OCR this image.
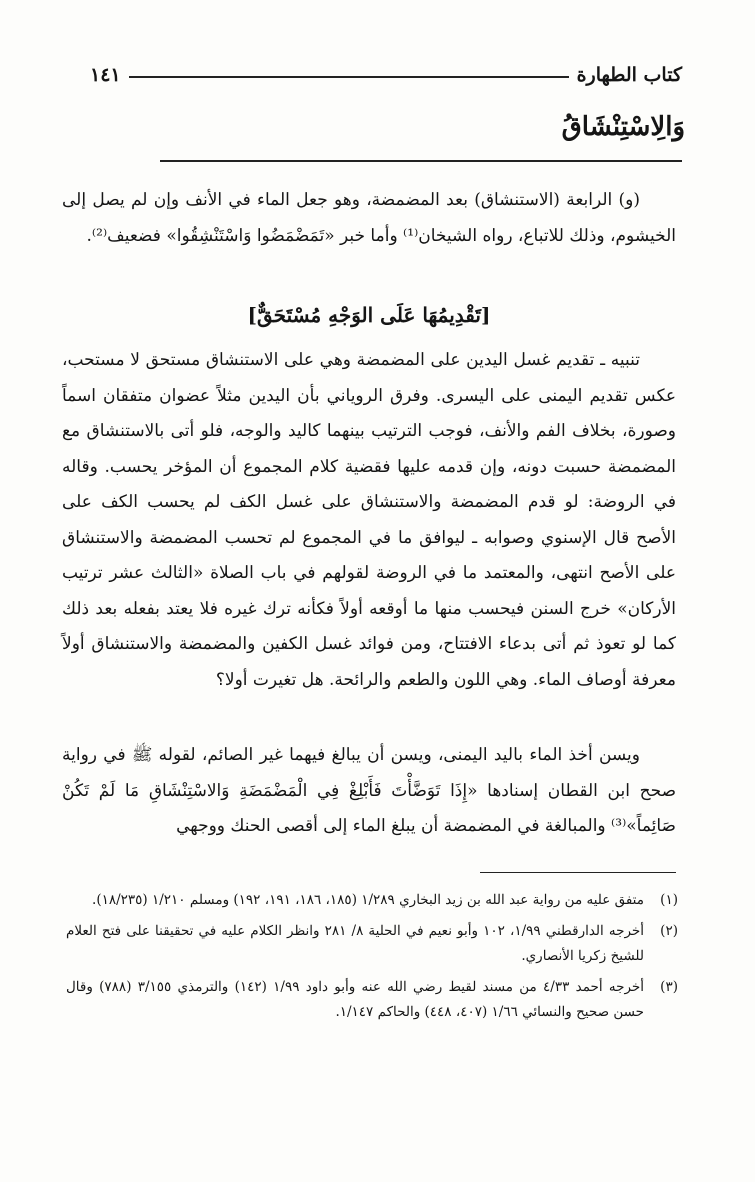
كتاب الطهارة
١٤١
وَالِاسْتِنْشَاقُ

(و) الرابعة (الاستنشاق) بعد المضمضة، وهو جعل الماء في الأنف وإن لم يصل إلى الخيشوم، وذلك للاتباع، رواه الشيخان⁽¹⁾ وأما خبر «تَمَضْمَضُوا وَاسْتَنْشِقُوا» فضعيف⁽²⁾.

[تَقْدِيمُهَا عَلَى الوَجْهِ مُسْتَحَقٌّ]

تنبيه ـ تقديم غسل اليدين على المضمضة وهي على الاستنشاق مستحق لا مستحب، عكس تقديم اليمنى على اليسرى. وفرق الروياني بأن اليدين مثلاً عضوان متفقان اسماً وصورة، بخلاف الفم والأنف، فوجب الترتيب بينهما كاليد والوجه، فلو أتى بالاستنشاق مع المضمضة حسبت دونه، وإن قدمه عليها فقضية كلام المجموع أن المؤخر يحسب. وقاله في الروضة: لو قدم المضمضة والاستنشاق على غسل الكف لم يحسب الكف على الأصح قال الإسنوي وصوابه ـ ليوافق ما في المجموع لم تحسب المضمضة والاستنشاق على الأصح انتهى، والمعتمد ما في الروضة لقولهم في باب الصلاة «الثالث عشر ترتيب الأركان» خرج السنن فيحسب منها ما أوقعه أولاً فكأنه ترك غيره فلا يعتد بفعله بعد ذلك كما لو تعوذ ثم أتى بدعاء الافتتاح، ومن فوائد غسل الكفين والمضمضة والاستنشاق أولاً معرفة أوصاف الماء. وهي اللون والطعم والرائحة. هل تغيرت أولا؟

ويسن أخذ الماء باليد اليمنى، ويسن أن يبالغ فيهما غير الصائم، لقوله ﷺ في رواية صحح ابن القطان إسنادها «إِذَا تَوَضَّأْتَ فَأَبْلِغْ فِي الْمَضْمَضَةِ وَالاسْتِنْشَاقِ مَا لَمْ تَكُنْ صَائِماً»⁽³⁾ والمبالغة في المضمضة أن يبلغ الماء إلى أقصى الحنك ووجهي

(١)
متفق عليه من رواية عبد الله بن زيد البخاري ١/٢٨٩ (١٨٥، ١٨٦، ١٩١، ١٩٢) ومسلم ١/٢١٠ (١٨/٢٣٥).
(٢)
أخرجه الدارقطني ١/٩٩، ١٠٢ وأبو نعيم في الحلية ٨/ ٢٨١ وانظر الكلام عليه في تحقيقنا على فتح العلام للشيخ زكريا الأنصاري.
(٣)
أخرجه أحمد ٤/٣٣ من مسند لقيط رضي الله عنه وأبو داود ١/٩٩ (١٤٢) والترمذي ٣/١٥٥ (٧٨٨) وقال حسن صحيح والنسائي ١/٦٦ (٤٠٧، ٤٤٨) والحاكم ١/١٤٧.
